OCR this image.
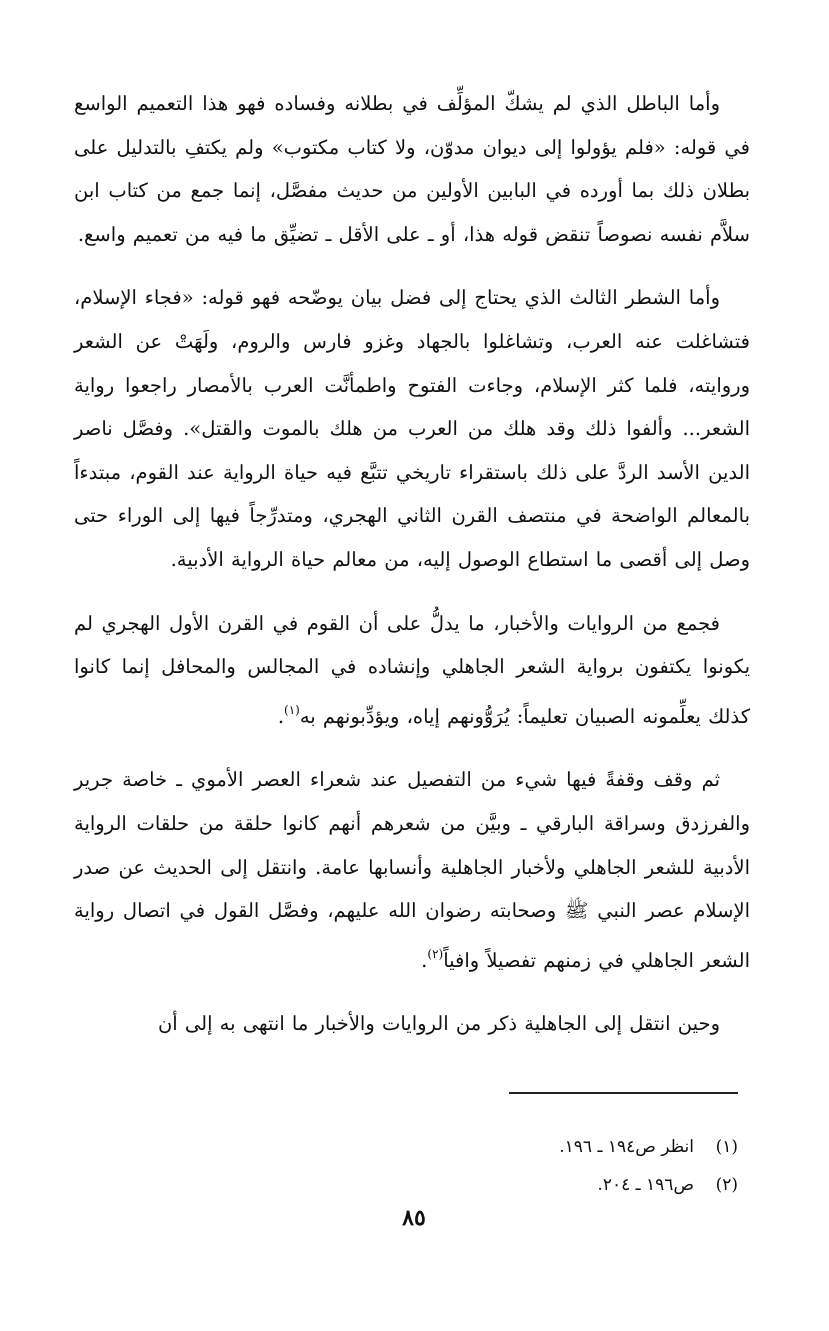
وأما الباطل الذي لم يشكّ المؤلِّف في بطلانه وفساده فهو هذا التعميم الواسع في قوله: «فلم يؤولوا إلى ديوان مدوّن، ولا كتاب مكتوب» ولم يكتفِ بالتدليل على بطلان ذلك بما أورده في البابين الأولين من حديث مفصَّل، إنما جمع من كتاب ابن سلاَّم نفسه نصوصاً تنقض قوله هذا، أو ـ على الأقل ـ تضيِّق ما فيه من تعميم واسع.

وأما الشطر الثالث الذي يحتاج إلى فضل بيان يوضّحه فهو قوله: «فجاء الإسلام، فتشاغلت عنه العرب، وتشاغلوا بالجهاد وغزو فارس والروم، ولَهَتْ عن الشعر وروايته، فلما كثر الإسلام، وجاءت الفتوح واطمأنَّت العرب بالأمصار راجعوا رواية الشعر... وألفوا ذلك وقد هلك من العرب من هلك بالموت والقتل». وفصَّل ناصر الدين الأسد الردَّ على ذلك باستقراء تاريخي تتبَّع فيه حياة الرواية عند القوم، مبتدءاً بالمعالم الواضحة في منتصف القرن الثاني الهجري، ومتدرِّجاً فيها إلى الوراء حتى وصل إلى أقصى ما استطاع الوصول إليه، من معالم حياة الرواية الأدبية.

فجمع من الروايات والأخبار، ما يدلُّ على أن القوم في القرن الأول الهجري لم يكونوا يكتفون برواية الشعر الجاهلي وإنشاده في المجالس والمحافل إنما كانوا كذلك يعلِّمونه الصبيان تعليماً: يُرَوُّونهم إياه، ويؤدِّبونهم به$^{(١)}$.

ثم وقف وقفةً فيها شيء من التفصيل عند شعراء العصر الأموي ـ خاصة جرير والفرزدق وسراقة البارقي ـ وبيَّن من شعرهم أنهم كانوا حلقة من حلقات الرواية الأدبية للشعر الجاهلي ولأخبار الجاهلية وأنسابها عامة. وانتقل إلى الحديث عن صدر الإسلام عصر النبي ﷺ وصحابته رضوان الله عليهم، وفصَّل القول في اتصال رواية الشعر الجاهلي في زمنهم تفصيلاً وافياً$^{(٢)}$.

وحين انتقل إلى الجاهلية ذكر من الروايات والأخبار ما انتهى به إلى أن

(١)انظر ص١٩٤ ـ ١٩٦.
(٢)ص١٩٦ ـ ٢٠٤.
٨٥
